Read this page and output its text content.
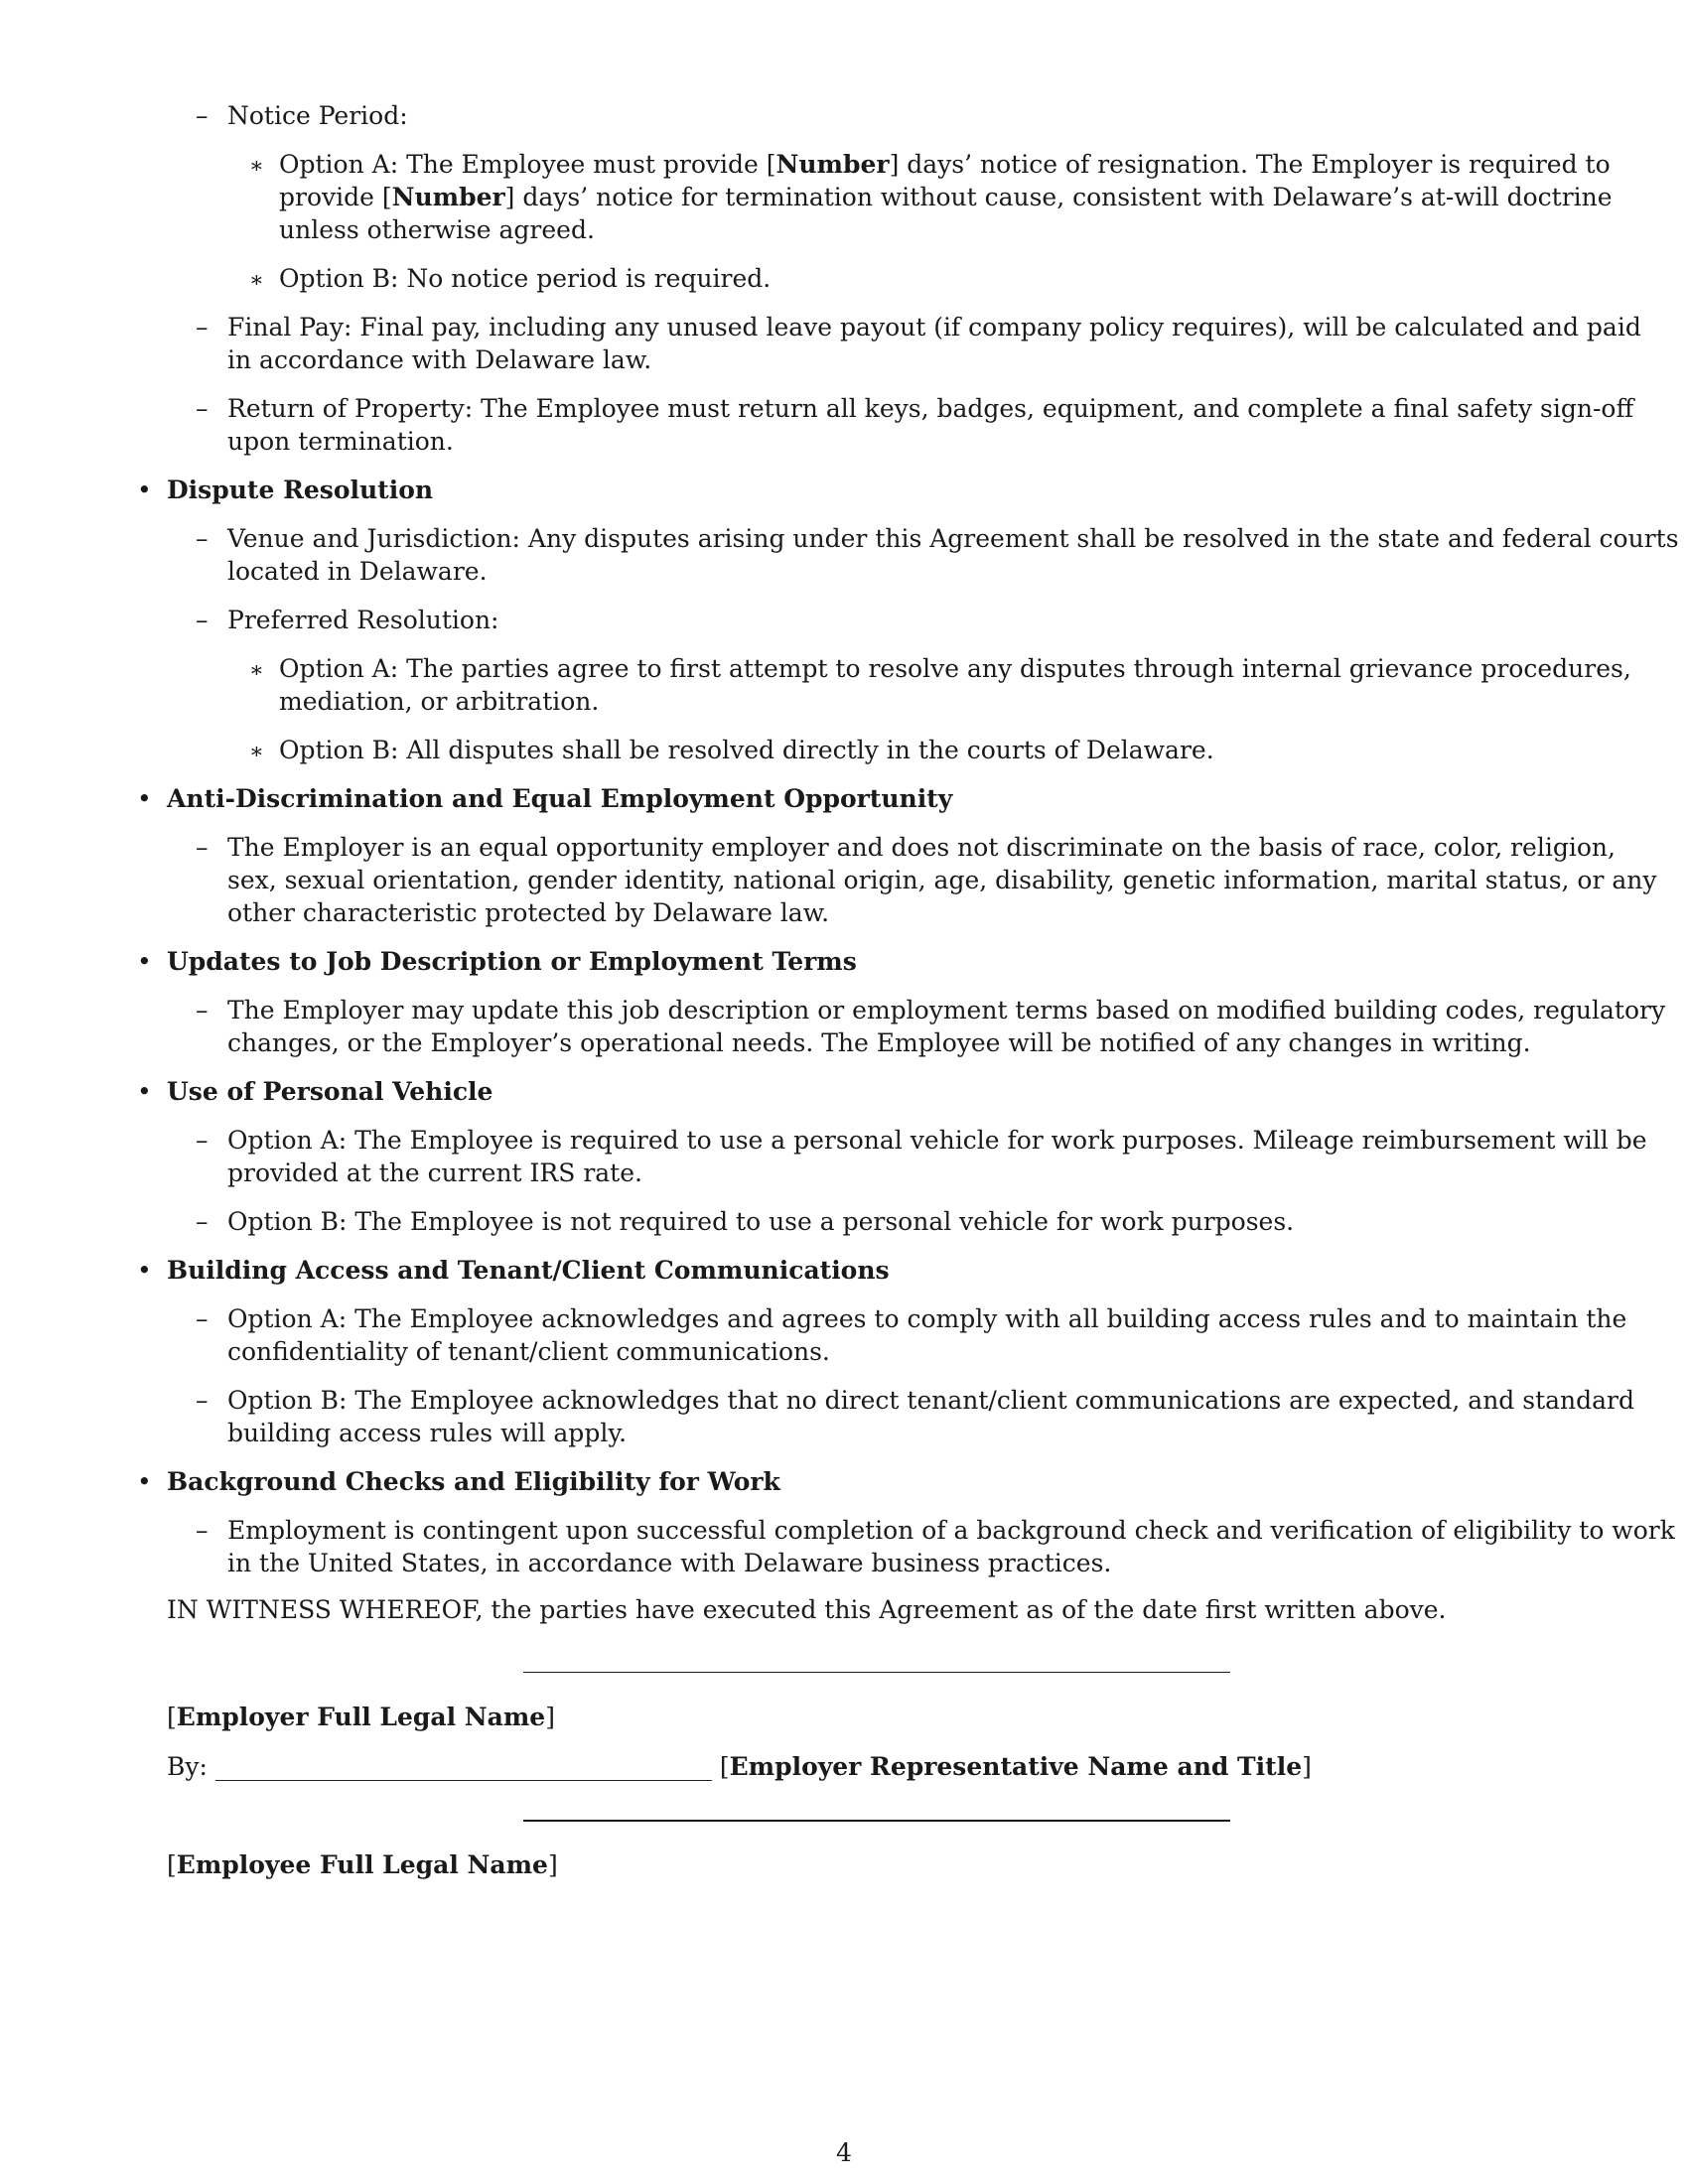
– Notice Period:
∗ Option A: The Employee must provide [Number] days’ notice of resignation. The Employer is required to
provide [Number] days’ notice for termination without cause, consistent with Delaware’s at-will doctrine
unless otherwise agreed.
∗ Option B: No notice period is required.
– Final Pay: Final pay, including any unused leave payout (if company policy requires), will be calculated and paid
in accordance with Delaware law.
– Return of Property: The Employee must return all keys, badges, equipment, and complete a final safety sign-off
upon termination.
• Dispute Resolution
– Venue and Jurisdiction: Any disputes arising under this Agreement shall be resolved in the state and federal courts
located in Delaware.
– Preferred Resolution:
∗ Option A: The parties agree to first attempt to resolve any disputes through internal grievance procedures,
mediation, or arbitration.
∗ Option B: All disputes shall be resolved directly in the courts of Delaware.
• Anti-Discrimination and Equal Employment Opportunity
– The Employer is an equal opportunity employer and does not discriminate on the basis of race, color, religion,
sex, sexual orientation, gender identity, national origin, age, disability, genetic information, marital status, or any
other characteristic protected by Delaware law.
• Updates to Job Description or Employment Terms
– The Employer may update this job description or employment terms based on modified building codes, regulatory
changes, or the Employer’s operational needs. The Employee will be notified of any changes in writing.
• Use of Personal Vehicle
– Option A: The Employee is required to use a personal vehicle for work purposes. Mileage reimbursement will be
provided at the current IRS rate.
– Option B: The Employee is not required to use a personal vehicle for work purposes.
• Building Access and Tenant/Client Communications
– Option A: The Employee acknowledges and agrees to comply with all building access rules and to maintain the
confidentiality of tenant/client communications.
– Option B: The Employee acknowledges that no direct tenant/client communications are expected, and standard
building access rules will apply.
• Background Checks and Eligibility for Work
– Employment is contingent upon successful completion of a background check and verification of eligibility to work
in the United States, in accordance with Delaware business practices.
IN WITNESS WHEREOF, the parties have executed this Agreement as of the date first written above.
[Employer Full Legal Name]
By: ________________________________________ [Employer Representative Name and Title]
[Employee Full Legal Name]
4
